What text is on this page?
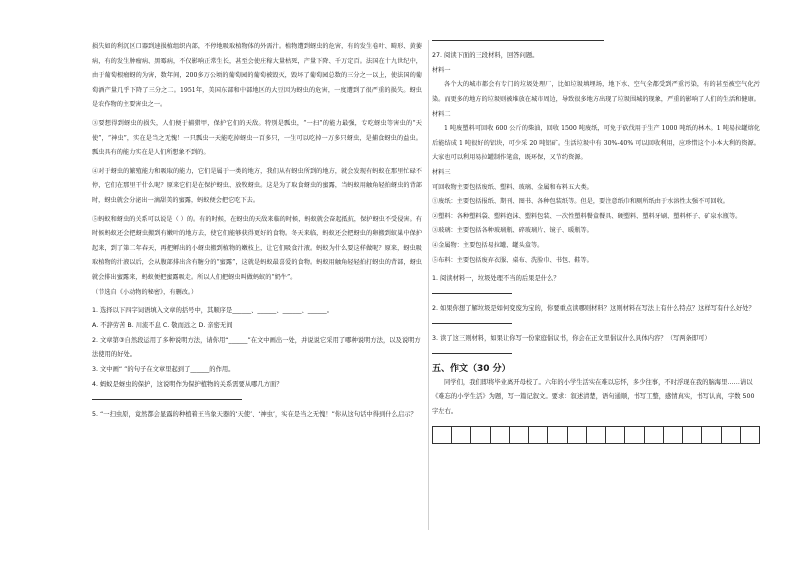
损失如的利沉区口器到速损植组织内部，不停地吸取植物体的外需汁。植物遭到蚜虫的危害，有的发生卷叶、畸形、黄萎病，有的发生肿瘤病、黑霉病，不仅影响正常生长，甚至会使庄稼大量枯死，产量下降、千万定百。法国在十九世纪中，由于葡萄根瘤蚜的为害，数年间，200多万公顷的葡萄园的葡萄被毁灭，毁坏了葡萄园总数的三分之一以上，使法国的葡萄酒产量几乎下降了三分之二。1951年，美国东部和中部地区的大豆因为蚜虫的危害，一度遭到了很严重的损失。蚜虫是农作物的主要害虫之一。

③要想得到蚜虫的损失，人们便于捕猎甲，保护它们的天敌。特别是瓢虫，“一扫”的能力最强，专吃蚜虫等害虫的“天使”，“神虫”，实在是当之无愧！一只瓢虫一天能吃掉蚜虫一百多只，一生可以吃掉一万多只蚜虫，是捕食蚜虫的益虫。瓢虫具有的能力实在是人们所想象不到的。

④对于蚜虫的繁殖能力和吸取的能力，它们是属于一类的地方，我们从有蚜虫所到的地方，就会发现有蚂蚁在那里忙碌不停，它们在那里干什么呢？原来它们是在保护蚜虫、放牧蚜虫。这是为了取食蚜虫的蜜露，当蚂蚁用触角轻拍蚜虫的背部时，蚜虫就会分泌出一滴甜美的蜜露，蚂蚁便会把它吃下去。

⑤蚂蚁和蚜虫的关系可以说是（ ）的。有的时候，在蚜虫的天敌来临的时候，蚂蚁就会奋起抵抗，保护蚜虫不受侵害。有时候蚂蚁还会把蚜虫搬到有嫩叶的地方去，使它们能够获得更好的食物。冬天来临，蚂蚁还会把蚜虫的卵搬到蚁巢中保护起来，到了第二年春天，再把孵出的小蚜虫搬到植物的嫩枝上，让它们吸食汁液。蚂蚁为什么要这样做呢？原来，蚜虫吸取植物的汁液以后，会从腹部排出含有糖分的“蜜露”，这就是蚂蚁最喜爱的食物。蚂蚁用触角轻轻拍打蚜虫的背部，蚜虫就会排出蜜露来，蚂蚁便把蜜露吸走。所以人们把蚜虫叫做蚂蚁的“奶牛”。

（节选自《小动物的秘密》，有删改。）

1. 选择以下四字词语填入文章的括号中，其顺序是______、______、______、______。

A. 不辞劳苦 B. 川流不息 C. 敬而远之 D. 亲密无间

2. 文章第③自然段运用了多种说明方法，请你用“______”在文中画出一处，并说说它采用了哪种说明方法，以及说明方法使用的好处。

3. 文中画“ ”的句子在文章里起到了______的作用。

4. 蚂蚁是蚜虫的保护，这说明作为保护植物的关系需要从哪几方面？

5. “一扫虫原，竟然都会显露的种植着王当象天器的‘天使’、‘神虫’，实在是当之无愧！”你从这句话中得到什么启示？

27. 阅读下面的三段材料，回答问题。

材料一

各个大的城市都会有专门的垃圾处理厂，比如垃圾填埋场，地下水、空气全都受到严重污染，有的甚至被空气化污染。而更多的地方的垃圾则被堆放在城市周边，导致很多地方出现了垃圾围城的现象，严重的影响了人们的生活和健康。

材料二

1 吨废塑料可回收 600 公斤的柴油，回收 1500 吨废纸，可免于砍伐用于生产 1000 吨纸的林木。1 吨易拉罐熔化后能结成 1 吨很好的铝块，可少采 20 吨铝矿。生活垃圾中有 30%-40% 可以回收利用，应珍惜这个小本大利的资源。大家也可以利用易拉罐制作笔盒，既环保，又节约资源。

材料三

可回收物主要包括废纸、塑料、玻璃、金属和布料五大类。

①废纸：主要包括报纸、期刊、图书、各种包装纸等。但是，要注意纸巾和厕所纸由于水溶性太强不可回收。

②塑料：各种塑料袋、塑料泡沫、塑料包装、一次性塑料餐盒餐具、硬塑料、塑料牙刷、塑料杯子、矿泉水瓶等。

③玻璃：主要包括各种玻璃瓶、碎玻璃片、镜子、暖瓶等。

④金属物：主要包括易拉罐、罐头盒等。

⑤布料：主要包括废弃衣服、桌布、洗脸巾、书包、鞋等。

1. 阅读材料一，垃圾处理不当的后果是什么？

2. 如果你想了解垃圾是如何变废为宝的，你要重点读哪则材料？这则材料在写法上有什么特点？这样写有什么好处？

3. 读了这三则材料，如果让你写一份家庭倡议书，你会在正文里倡议什么具体内容？（写两条即可）

五、作文（30 分）

同学们，我们即将毕业离开母校了。六年的小学生活实在难以忘怀，多少往事，不时浮现在我的脑海里……请以《难忘的小学生活》为题，写一篇记叙文。要求：叙述清楚，语句通顺，书写工整，感情真实，书写认真，字数 500 字左右。
